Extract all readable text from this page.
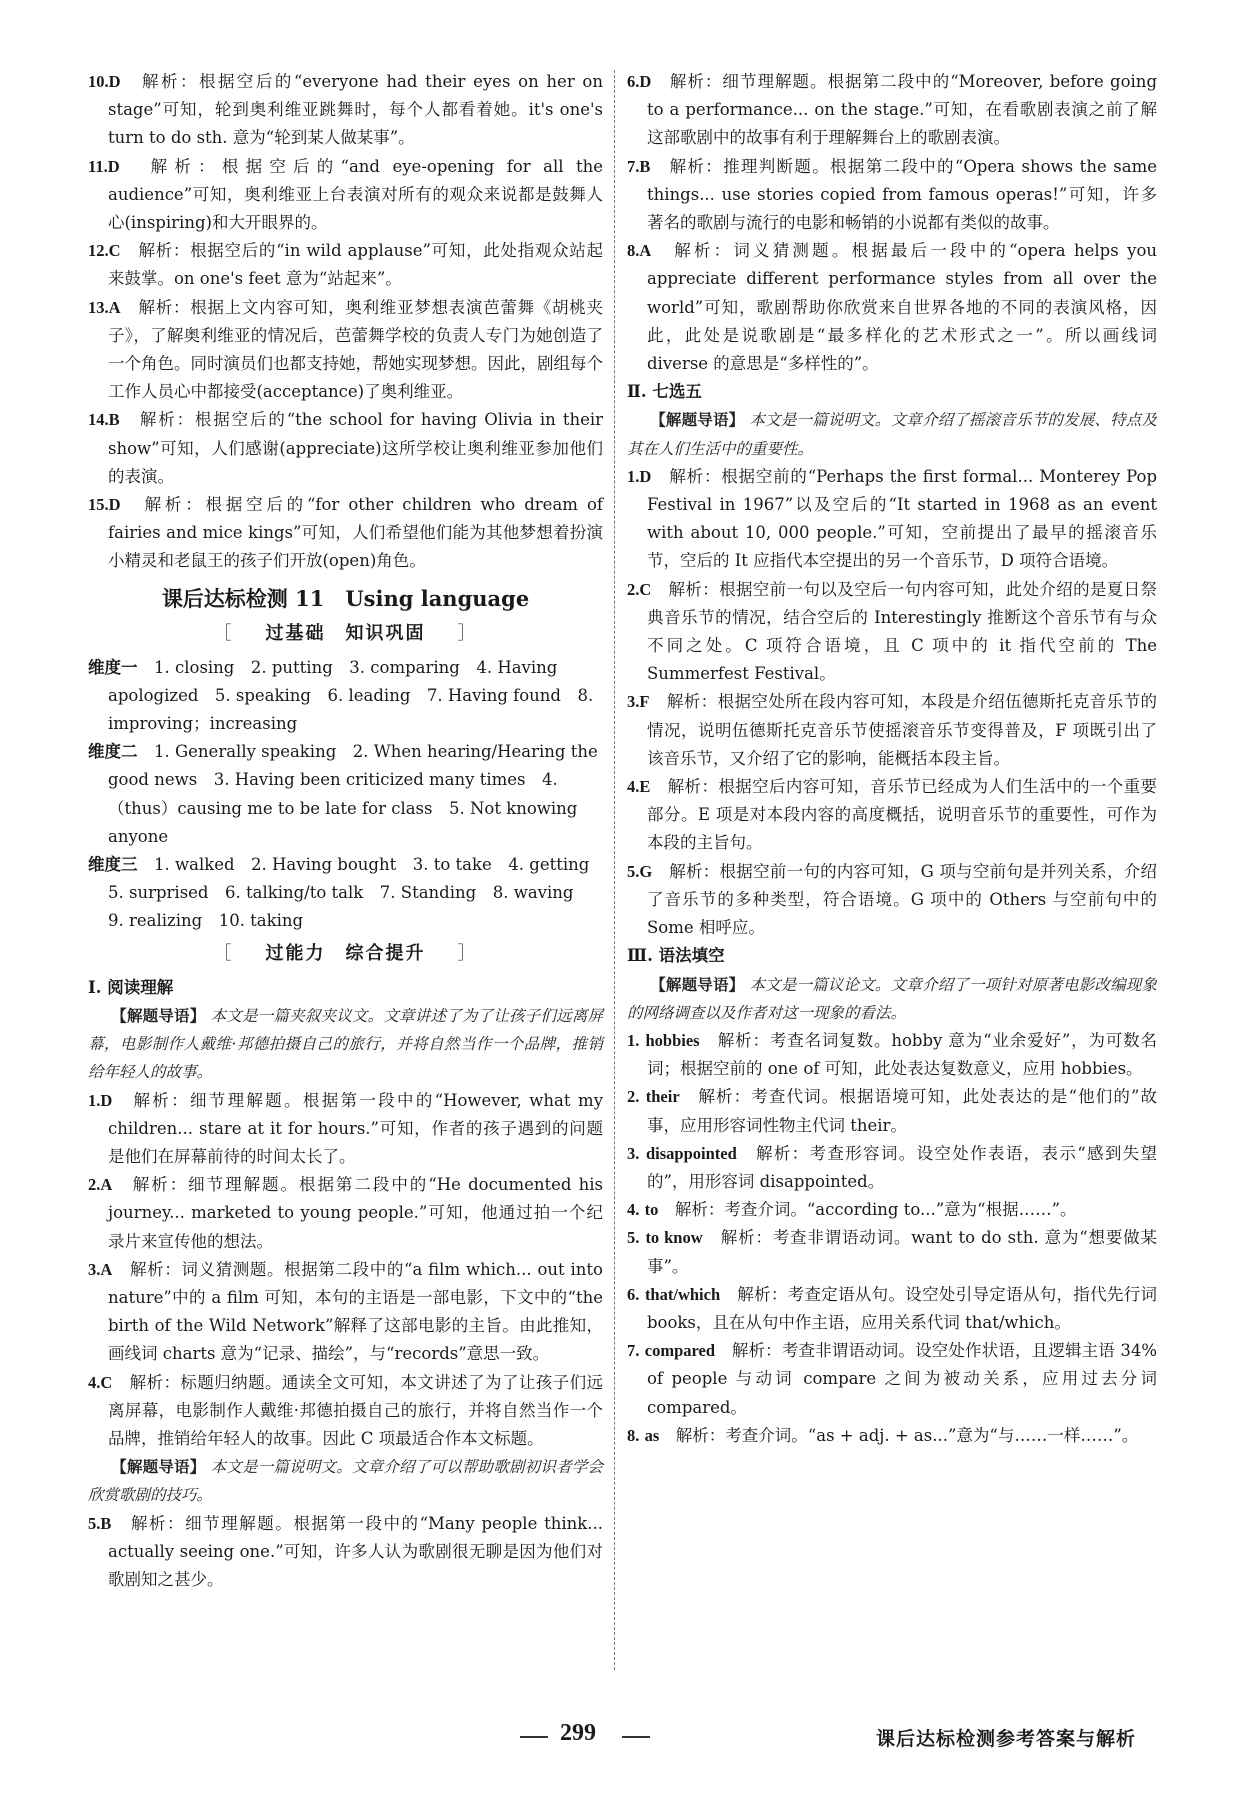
10.D　 解析：根据空后的“everyone had their eyes on her on stage”可知，轮到奥利维亚跳舞时，每个人都看着她。it's one's turn to do sth. 意为“轮到某人做某事”。

11.D　 解析：根据空后的“and eye-opening for all the audience”可知，奥利维亚上台表演对所有的观众来说都是鼓舞人心(inspiring)和大开眼界的。

12.C　 解析：根据空后的“in wild applause”可知，此处指观众站起来鼓掌。on one's feet 意为“站起来”。

13.A　 解析：根据上文内容可知，奥利维亚梦想表演芭蕾舞《胡桃夹子》，了解奥利维亚的情况后，芭蕾舞学校的负责人专门为她创造了一个角色。同时演员们也都支持她，帮她实现梦想。因此，剧组每个工作人员心中都接受(acceptance)了奥利维亚。

14.B　 解析：根据空后的“the school for having Olivia in their show”可知，人们感谢(appreciate)这所学校让奥利维亚参加他们的表演。

15.D　 解析：根据空后的“for other children who dream of fairies and mice kings”可知，人们希望他们能为其他梦想着扮演小精灵和老鼠王的孩子们开放(open)角色。

课后达标检测 11　Using language
［ 过基础　知识巩固 ］

维度一　 1. closing　2. putting　3. comparing　4. Having apologized　5. speaking　6. leading　7. Having found　8. improving；increasing

维度二　 1. Generally speaking　2. When hearing/Hearing the good news　3. Having been criticized many times　4.（thus）causing me to be late for class　5. Not knowing anyone

维度三　 1. walked　2. Having bought　3. to take　4. getting　5. surprised　6. talking/to talk　7. Standing　8. waving　9. realizing　10. taking

［ 过能力　综合提升 ］

Ⅰ. 阅读理解

【解题导语】 本文是一篇夹叙夹议文。文章讲述了为了让孩子们远离屏幕，电影制作人戴维·邦德拍摄自己的旅行，并将自然当作一个品牌，推销给年轻人的故事。

1.D　 解析：细节理解题。根据第一段中的“However, what my children... stare at it for hours.”可知，作者的孩子遇到的问题是他们在屏幕前待的时间太长了。

2.A　 解析：细节理解题。根据第二段中的“He documented his journey... marketed to young people.”可知，他通过拍一个纪录片来宣传他的想法。

3.A　 解析：词义猜测题。根据第二段中的“a film which... out into nature”中的 a film 可知，本句的主语是一部电影，下文中的“the birth of the Wild Network”解释了这部电影的主旨。由此推知，画线词 charts 意为“记录、描绘”，与“records”意思一致。

4.C　 解析：标题归纳题。通读全文可知，本文讲述了为了让孩子们远离屏幕，电影制作人戴维·邦德拍摄自己的旅行，并将自然当作一个品牌，推销给年轻人的故事。因此 C 项最适合作本文标题。

【解题导语】 本文是一篇说明文。文章介绍了可以帮助歌剧初识者学会欣赏歌剧的技巧。

5.B　 解析：细节理解题。根据第一段中的“Many people think... actually seeing one.”可知，许多人认为歌剧很无聊是因为他们对歌剧知之甚少。

6.D　 解析：细节理解题。根据第二段中的“Moreover, before going to a performance... on the stage.”可知，在看歌剧表演之前了解这部歌剧中的故事有利于理解舞台上的歌剧表演。

7.B　 解析：推理判断题。根据第二段中的“Opera shows the same things... use stories copied from famous operas!”可知，许多著名的歌剧与流行的电影和畅销的小说都有类似的故事。

8.A　 解析：词义猜测题。根据最后一段中的“opera helps you appreciate different performance styles from all over the world”可知，歌剧帮助你欣赏来自世界各地的不同的表演风格，因此，此处是说歌剧是“最多样化的艺术形式之一”。所以画线词 diverse 的意思是“多样性的”。

Ⅱ. 七选五

【解题导语】 本文是一篇说明文。文章介绍了摇滚音乐节的发展、特点及其在人们生活中的重要性。

1.D　 解析：根据空前的“Perhaps the first formal... Monterey Pop Festival in 1967”以及空后的“It started in 1968 as an event with about 10, 000 people.”可知，空前提出了最早的摇滚音乐节，空后的 It 应指代本空提出的另一个音乐节，D 项符合语境。

2.C　 解析：根据空前一句以及空后一句内容可知，此处介绍的是夏日祭典音乐节的情况，结合空后的 Interestingly 推断这个音乐节有与众不同之处。C 项符合语境，且 C 项中的 it 指代空前的 The Summerfest Festival。

3.F　 解析：根据空处所在段内容可知，本段是介绍伍德斯托克音乐节的情况，说明伍德斯托克音乐节使摇滚音乐节变得普及，F 项既引出了该音乐节，又介绍了它的影响，能概括本段主旨。

4.E　 解析：根据空后内容可知，音乐节已经成为人们生活中的一个重要部分。E 项是对本段内容的高度概括，说明音乐节的重要性，可作为本段的主旨句。

5.G　 解析：根据空前一句的内容可知，G 项与空前句是并列关系，介绍了音乐节的多种类型，符合语境。G 项中的 Others 与空前句中的 Some 相呼应。

Ⅲ. 语法填空

【解题导语】 本文是一篇议论文。文章介绍了一项针对原著电影改编现象的网络调查以及作者对这一现象的看法。

1. hobbies　 解析：考查名词复数。hobby 意为“业余爱好”，为可数名词；根据空前的 one of 可知，此处表达复数意义，应用 hobbies。

2. their　 解析：考查代词。根据语境可知，此处表达的是“他们的”故事，应用形容词性物主代词 their。

3. disappointed　 解析：考查形容词。设空处作表语，表示“感到失望的”，用形容词 disappointed。

4. to　 解析：考查介词。“according to...”意为“根据……”。

5. to know　 解析：考查非谓语动词。want to do sth. 意为“想要做某事”。

6. that/which　 解析：考查定语从句。设空处引导定语从句，指代先行词 books，且在从句中作主语，应用关系代词 that/which。

7. compared　 解析：考查非谓语动词。设空处作状语，且逻辑主语 34% of people 与动词 compare 之间为被动关系，应用过去分词 compared。

8. as　 解析：考查介词。“as + adj. + as...”意为“与……一样……”。

299	课后达标检测参考答案与解析
